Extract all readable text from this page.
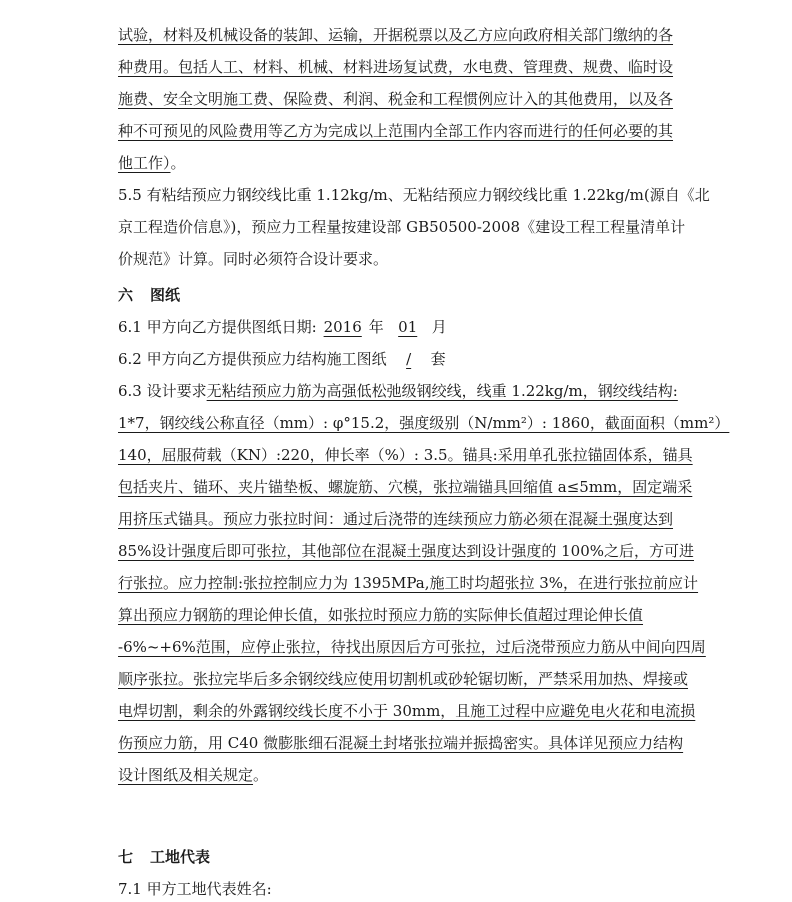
试验，材料及机械设备的装卸、运输，开据税票以及乙方应向政府相关部门缴纳的各
种费用。包括人工、材料、机械、材料进场复试费，水电费、管理费、规费、临时设
施费、安全文明施工费、保险费、利润、税金和工程惯例应计入的其他费用，以及各
种不可预见的风险费用等乙方为完成以上范围内全部工作内容而进行的任何必要的其
他工作）。
5.5 有粘结预应力钢绞线比重 1.12kg/m、无粘结预应力钢绞线比重 1.22kg/m(源自《北
京工程造价信息》)，预应力工程量按建设部 GB50500-2008《建设工程工程量清单计
价规范》计算。同时必须符合设计要求。
六 图纸
6.1 甲方向乙方提供图纸日期: 2016 年 01 月
6.2 甲方向乙方提供预应力结构施工图纸 / 套
6.3 设计要求无粘结预应力筋为高强低松弛级钢绞线，线重 1.22kg/m，钢绞线结构:
1*7，钢绞线公称直径（mm）: φ°15.2，强度级别（N/mm²）: 1860，截面面积（mm²）
140，屈服荷载（KN）:220，伸长率（%）: 3.5。锚具:采用单孔张拉锚固体系，锚具
包括夹片、锚环、夹片锚垫板、螺旋筋、穴模，张拉端锚具回缩值 a≤5mm，固定端采
用挤压式锚具。预应力张拉时间：通过后浇带的连续预应力筋必须在混凝土强度达到
85%设计强度后即可张拉，其他部位在混凝土强度达到设计强度的 100%之后，方可进
行张拉。应力控制:张拉控制应力为 1395MPa,施工时均超张拉 3%，在进行张拉前应计
算出预应力钢筋的理论伸长值，如张拉时预应力筋的实际伸长值超过理论伸长值
-6%~+6%范围，应停止张拉，待找出原因后方可张拉，过后浇带预应力筋从中间向四周
顺序张拉。张拉完毕后多余钢绞线应使用切割机或砂轮锯切断，严禁采用加热、焊接或
电焊切割，剩余的外露钢绞线长度不小于 30mm，且施工过程中应避免电火花和电流损
伤预应力筋，用 C40 微膨胀细石混凝土封堵张拉端并振捣密实。具体详见预应力结构
设计图纸及相关规定。
七 工地代表
7.1 甲方工地代表姓名:
